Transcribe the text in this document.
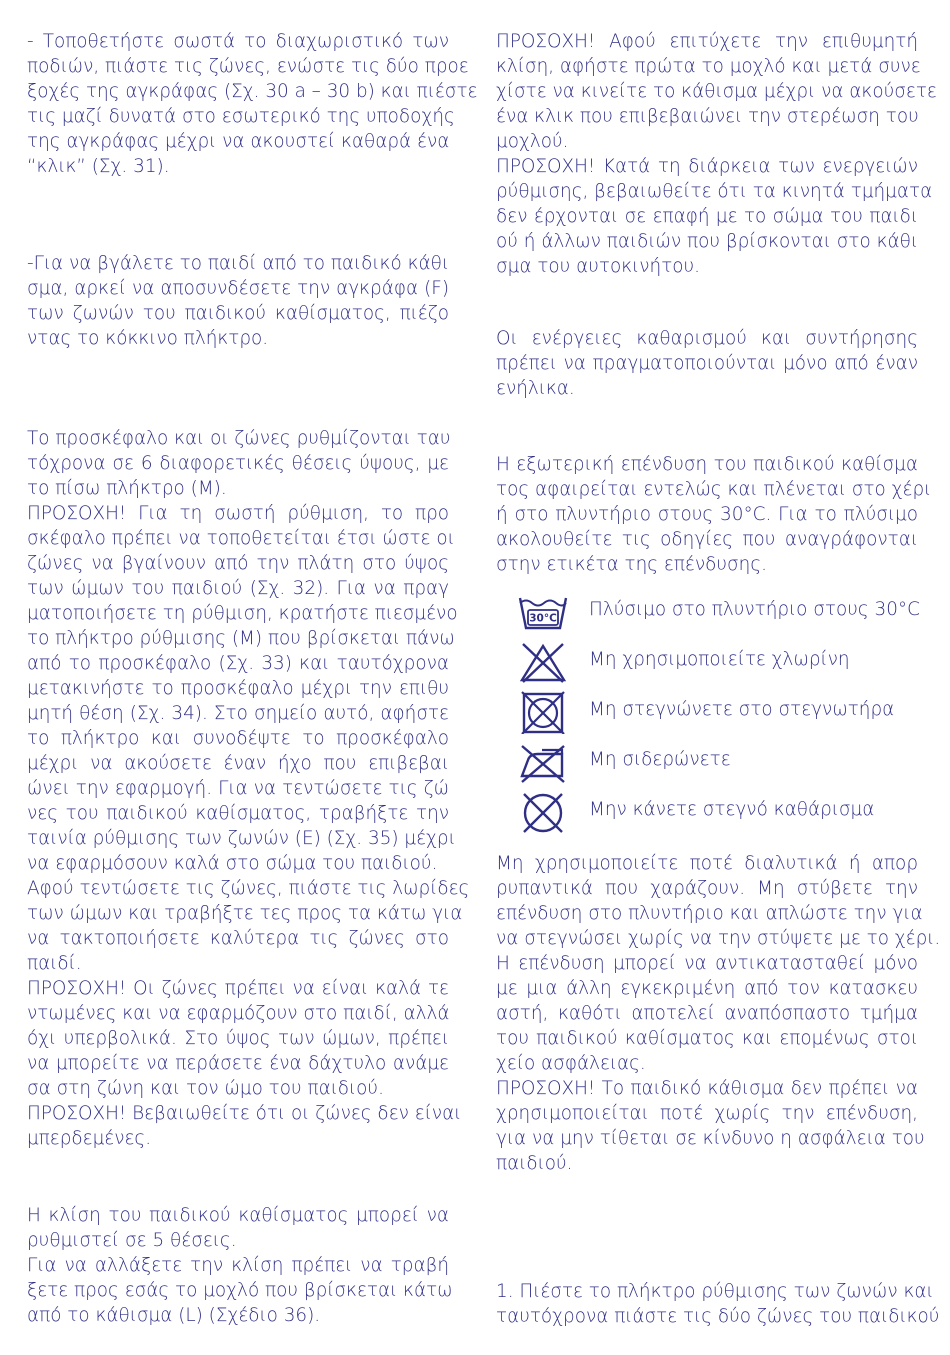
- Τοποθετήστε σωστά το διαχωριστικό των
ποδιών, πιάστε τις ζώνες, ενώστε τις δύο προε
ξοχές της αγκράφας (Σχ. 30 a – 30 b) και πιέστε
τις μαζί δυνατά στο εσωτερικό της υποδοχής
της αγκράφας μέχρι να ακουστεί καθαρά ένα
“κλικ” (Σχ. 31).
-Για να βγάλετε το παιδί από το παιδικό κάθι
σμα, αρκεί να αποσυνδέσετε την αγκράφα (F)
των ζωνών του παιδικού καθίσματος, πιέζο
ντας το κόκκινο πλήκτρο.
Το προσκέφαλο και οι ζώνες ρυθμίζονται ταυ
τόχρονα σε 6 διαφορετικές θέσεις ύψους, με
το πίσω πλήκτρο (Μ).
ΠΡΟΣΟΧΗ! Για τη σωστή ρύθμιση, το προ
σκέφαλο πρέπει να τοποθετείται έτσι ώστε οι
ζώνες να βγαίνουν από την πλάτη στο ύψος
των ώμων του παιδιού (Σχ. 32). Για να πραγ
ματοποιήσετε τη ρύθμιση, κρατήστε πιεσμένο
το πλήκτρο ρύθμισης (Μ) που βρίσκεται πάνω
από το προσκέφαλο (Σχ. 33) και ταυτόχρονα
μετακινήστε το προσκέφαλο μέχρι την επιθυ
μητή θέση (Σχ. 34). Στο σημείο αυτό, αφήστε
το πλήκτρο και συνοδέψτε το προσκέφαλο
μέχρι να ακούσετε έναν ήχο που επιβεβαι
ώνει την εφαρμογή. Για να τεντώσετε τις ζώ
νες του παιδικού καθίσματος, τραβήξτε την
ταινία ρύθμισης των ζωνών (Ε) (Σχ. 35) μέχρι
να εφαρμόσουν καλά στο σώμα του παιδιού.
Αφού τεντώσετε τις ζώνες, πιάστε τις λωρίδες
των ώμων και τραβήξτε τες προς τα κάτω για
να τακτοποιήσετε καλύτερα τις ζώνες στο
παιδί.
ΠΡΟΣΟΧΗ! Οι ζώνες πρέπει να είναι καλά τε
ντωμένες και να εφαρμόζουν στο παιδί, αλλά
όχι υπερβολικά. Στο ύψος των ώμων, πρέπει
να μπορείτε να περάσετε ένα δάχτυλο ανάμε
σα στη ζώνη και τον ώμο του παιδιού.
ΠΡΟΣΟΧΗ! Βεβαιωθείτε ότι οι ζώνες δεν είναι
μπερδεμένες.
Η κλίση του παιδικού καθίσματος μπορεί να
ρυθμιστεί σε 5 θέσεις.
Για να αλλάξετε την κλίση πρέπει να τραβή
ξετε προς εσάς το μοχλό που βρίσκεται κάτω
από το κάθισμα (L) (Σχέδιο 36).
ΠΡΟΣΟΧΗ! Αφού επιτύχετε την επιθυμητή
κλίση, αφήστε πρώτα το μοχλό και μετά συνε
χίστε να κινείτε το κάθισμα μέχρι να ακούσετε
ένα κλικ που επιβεβαιώνει την στερέωση του
μοχλού.
ΠΡΟΣΟΧΗ! Κατά τη διάρκεια των ενεργειών
ρύθμισης, βεβαιωθείτε ότι τα κινητά τμήματα
δεν έρχονται σε επαφή με το σώμα του παιδι
ού ή άλλων παιδιών που βρίσκονται στο κάθι
σμα του αυτοκινήτου.
Οι ενέργειες καθαρισμού και συντήρησης
πρέπει να πραγματοποιούνται μόνο από έναν
ενήλικα.
Η εξωτερική επένδυση του παιδικού καθίσμα
τος αφαιρείται εντελώς και πλένεται στο χέρι
ή στο πλυντήριο στους 30°C. Για το πλύσιμο
ακολουθείτε τις οδηγίες που αναγράφονται
στην ετικέτα της επένδυσης.
30°C Πλύσιμο στο πλυντήριο στους 30°C
Μη χρησιμοποιείτε χλωρίνη
Μη στεγνώνετε στο στεγνωτήρα
Μη σιδερώνετε
Μην κάνετε στεγνό καθάρισμα
Μη χρησιμοποιείτε ποτέ διαλυτικά ή απορ
ρυπαντικά που χαράζουν. Μη στύβετε την
επένδυση στο πλυντήριο και απλώστε την για
να στεγνώσει χωρίς να την στύψετε με το χέρι.
Η επένδυση μπορεί να αντικατασταθεί μόνο
με μια άλλη εγκεκριμένη από τον κατασκευ
αστή, καθότι αποτελεί αναπόσπαστο τμήμα
του παιδικού καθίσματος και επομένως στοι
χείο ασφάλειας.
ΠΡΟΣΟΧΗ! Το παιδικό κάθισμα δεν πρέπει να
χρησιμοποιείται ποτέ χωρίς την επένδυση,
για να μην τίθεται σε κίνδυνο η ασφάλεια του
παιδιού.
1. Πιέστε το πλήκτρο ρύθμισης των ζωνών και
ταυτόχρονα πιάστε τις δύο ζώνες του παιδικού
